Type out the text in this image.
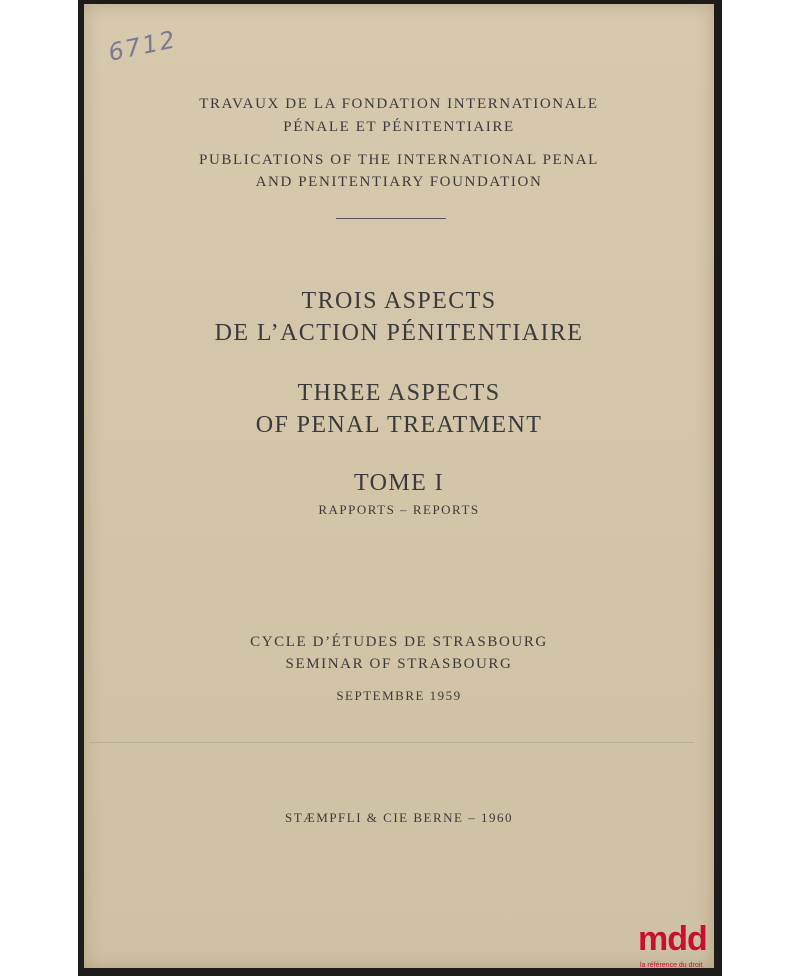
6712
TRAVAUX DE LA FONDATION INTERNATIONALE
PÉNALE ET PÉNITENTIAIRE
PUBLICATIONS OF THE INTERNATIONAL PENAL
AND PENITENTIARY FOUNDATION
TROIS ASPECTS
DE L’ACTION PÉNITENTIAIRE
THREE ASPECTS
OF PENAL TREATMENT
TOME I
RAPPORTS – REPORTS
CYCLE D’ÉTUDES DE STRASBOURG
SEMINAR OF STRASBOURG
SEPTEMBRE 1959
STÆMPFLI & CIE BERNE – 1960
mdd
la référence du droit
